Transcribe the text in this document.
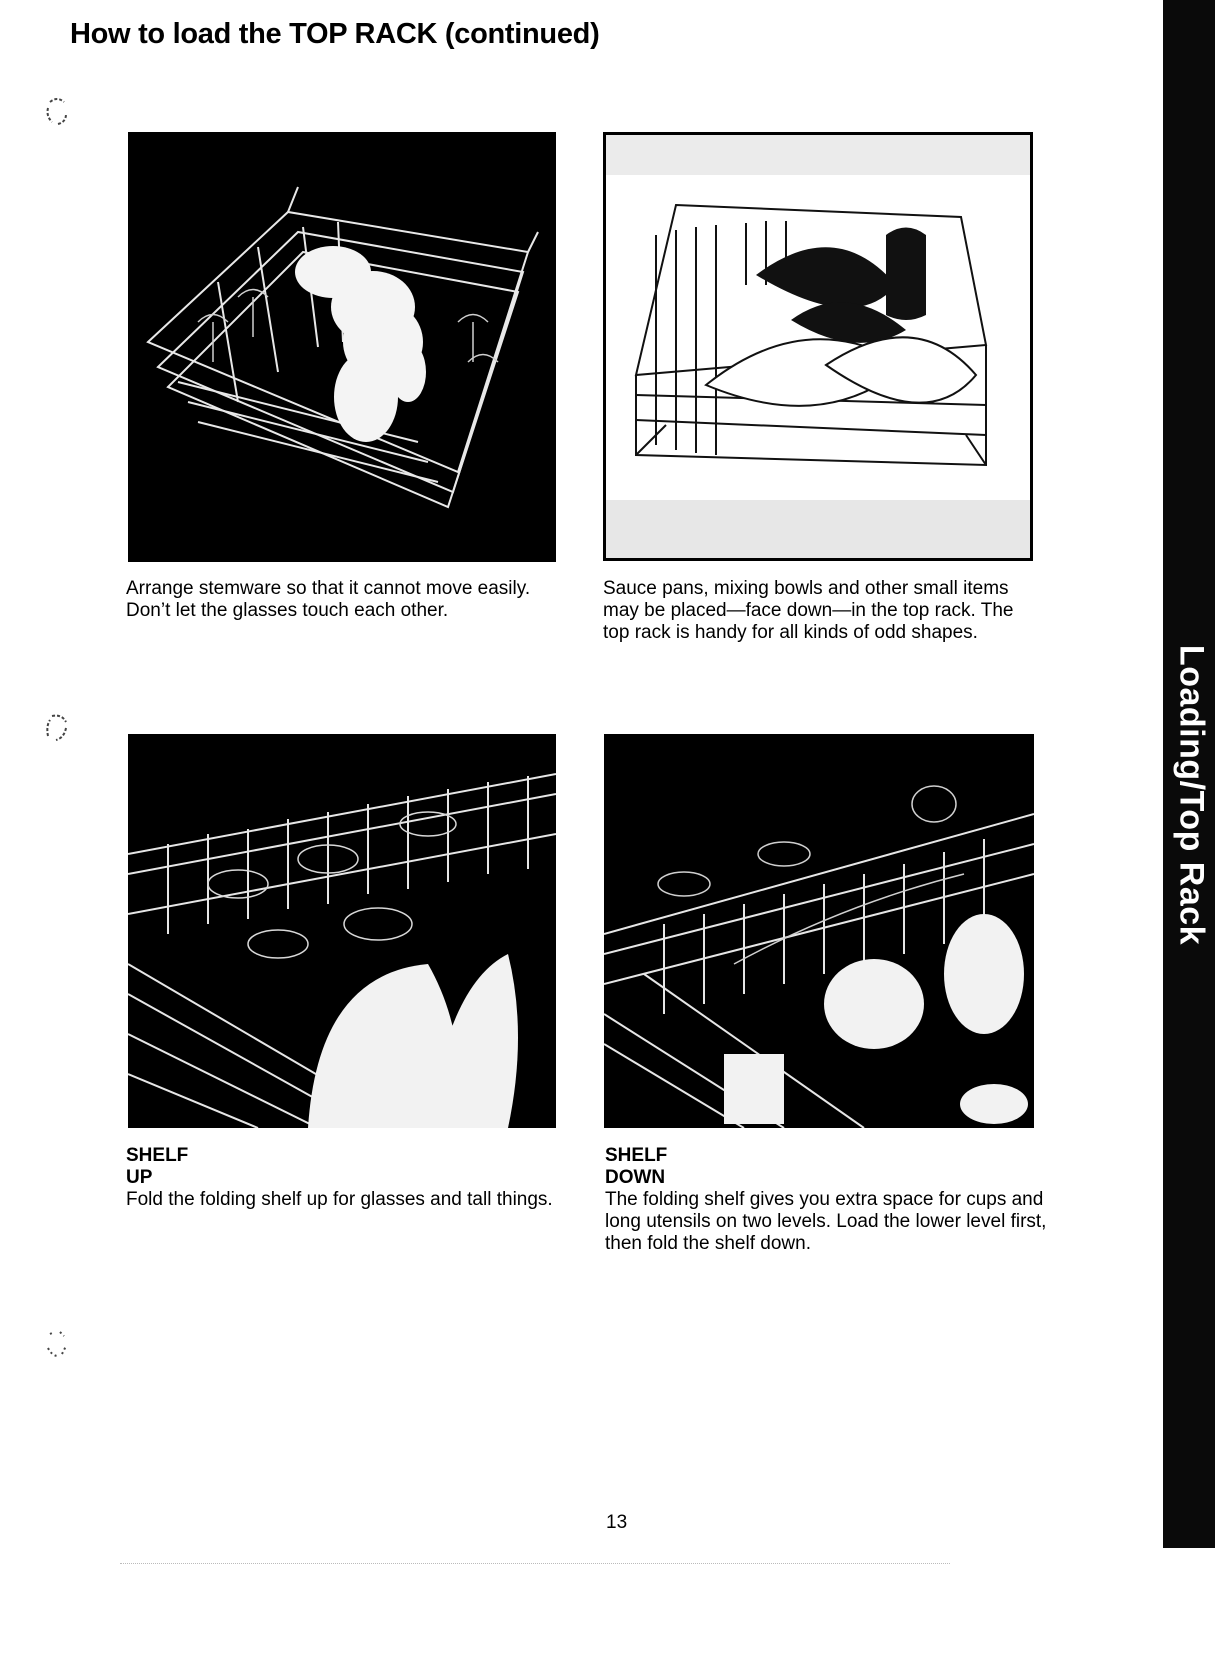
How to load the TOP RACK (continued)
Loading/Top Rack
Arrange stemware so that it cannot move easily. Don’t let the glasses touch each other.
Sauce pans, mixing bowls and other small items may be placed—face down—in the top rack. The top rack is handy for all kinds of odd shapes.
SHELF
UP
Fold the folding shelf up for glasses and tall things.
SHELF
DOWN
The folding shelf gives you extra space for cups and long utensils on two levels. Load the lower level first, then fold the shelf down.
13
